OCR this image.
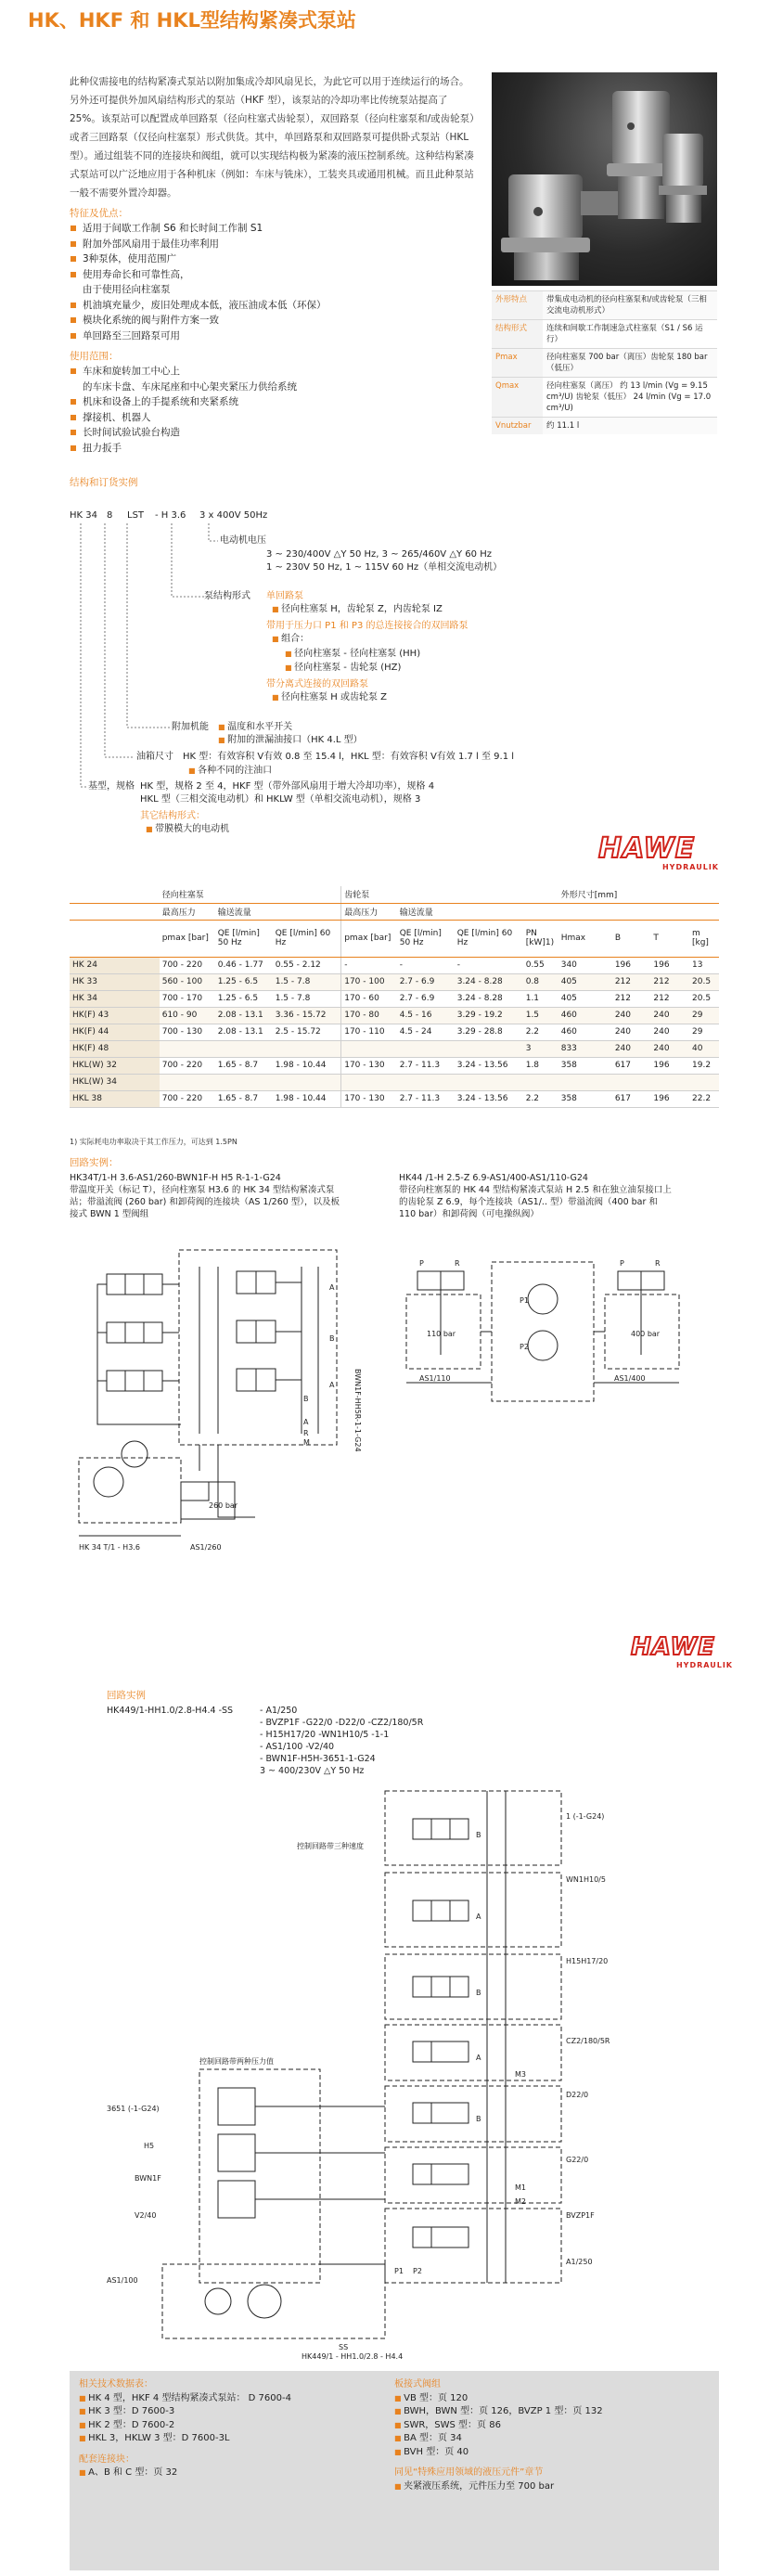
HK、HKF 和 HKL型结构紧凑式泵站

此种仪需接电的结构紧凑式泵站以附加集成冷却风扇见长，为此它可以用于连续运行的场合。另外还可提供外加风扇结构形式的泵站（HKF 型），该泵站的冷却功率比传统泵站提高了 25%。该泵站可以配置成单回路泵（径向柱塞式齿轮泵），双回路泵（径向柱塞泵和/或齿轮泵）或者三回路泵（仅径向柱塞泵）形式供货。其中，单回路泵和双回路泵可提供卧式泵站（HKL 型）。通过组装不同的连接块和阀组，就可以实现结构极为紧凑的液压控制系统。这种结构紧凑式泵站可以广泛地应用于各种机床（例如：车床与铣床），工装夹具或通用机械。而且此种泵站一般不需要外置冷却器。

特征及优点：
适用于间歇工作制 S6 和长时间工作制 S1
附加外部风扇用于最佳功率利用
3种泵体，使用范围广
使用寿命长和可靠性高，
由于使用径向柱塞泵
机油填充量少，废旧处理成本低，液压油成本低（环保）
模块化系统的阀与附件方案一致
单回路至三回路泵可用
使用范围：
车床和旋转加工中心上
的车床卡盘、车床尾座和中心架夹紧压力供给系统
机床和设备上的手提系统和夹紧系统
撑接机、机器人
长时间试验试验台构造
扭力扳手
外形特点	带集成电动机的径向柱塞泵和/或齿轮泵（三相交流电动机形式）
结构形式	连续和间歇工作制速急式柱塞泵（S1 / S6 运行）
Pmax	径向柱塞泵 700 bar（离压）齿轮泵 180 bar（低压）
Qmax	径向柱塞泵（离压） 约 13 l/min (Vg = 9.15 cm³/U) 齿轮泵（低压） 24 l/min (Vg = 17.0 cm³/U)
Vnutzbar	约 11.1 l
结构和订货实例
HK 34 8 LST - H 3.6 3 x 400V 50Hz
电动机电压
3 ~ 230/400V △Y 50 Hz, 3 ~ 265/460V △Y 60 Hz
1 ~ 230V 50 Hz, 1 ~ 115V 60 Hz（单相交流电动机）
泵结构形式 单回路泵
■ 径向柱塞泵 H，齿轮泵 Z，内齿轮泵 IZ
带用于压力口 P1 和 P3 的总连接接合的双回路泵
■ 组合：
■ 径向柱塞泵 - 径向柱塞泵 (HH)
■ 径向柱塞泵 - 齿轮泵 (HZ)
带分离式连接的双回路泵
■ 径向柱塞泵 H 或齿轮泵 Z
附加机能	■ 温度和水平开关
■ 附加的泄漏油接口（HK 4.L 型）
油箱尺寸 HK 型：有效容积 V有效 0.8 至 15.4 l，HKL 型：有效容积 V有效 1.7 l 至 9.1 l
■ 各种不同的注油口
基型，规格 HK 型，规格 2 至 4，HKF 型（带外部风扇用于增大冷却功率），规格 4
HKL 型（三相交流电动机）和 HKLW 型（单相交流电动机），规格 3
其它结构形式：
■ 带膜模大的电动机
HAWE
HYDRAULIK
	径向柱塞泵			齿轮泵				外形尺寸[mm]			
	最高压力	输送流量		最高压力	输送流量						
	pmax [bar]	QE [l/min] 50 Hz	QE [l/min] 60 Hz	pmax [bar]	QE [l/min] 50 Hz	QE [l/min] 60 Hz	PN [kW]1)	Hmax	B	T	m [kg]
HK 24	700 - 220	0.46 - 1.77	0.55 - 2.12	-	-	-	0.55	340	196	196	13
HK 33	560 - 100	1.25 - 6.5	1.5 - 7.8	170 - 100	2.7 - 6.9	3.24 - 8.28	0.8	405	212	212	20.5
HK 34	700 - 170	1.25 - 6.5	1.5 - 7.8	170 - 60	2.7 - 6.9	3.24 - 8.28	1.1	405	212	212	20.5
HK(F) 43	610 - 90	2.08 - 13.1	3.36 - 15.72	170 - 80	4.5 - 16	3.29 - 19.2	1.5	460	240	240	29
HK(F) 44	700 - 130	2.08 - 13.1	2.5 - 15.72	170 - 110	4.5 - 24	3.29 - 28.8	2.2	460	240	240	29
HK(F) 48							3	833	240	240	40
HKL(W) 32	700 - 220	1.65 - 8.7	1.98 - 10.44	170 - 130	2.7 - 11.3	3.24 - 13.56	1.8	358	617	196	19.2
HKL(W) 34											
HKL 38	700 - 220	1.65 - 8.7	1.98 - 10.44	170 - 130	2.7 - 11.3	3.24 - 13.56	2.2	358	617	196	22.2
1) 实际耗电功率取决于其工作压力，可达到 1.5PN
回路实例：
HK34T/1-H 3.6-AS1/260-BWN1F-H H5 R-1-1-G24
带温度开关（标记 T），径向柱塞泵 H3.6 的 HK 34 型结构紧凑式泵站；带溢流阀 (260 bar) 和卸荷阀的连接块（AS 1/260 型），以及板接式 BWN 1 型阀组
HK44 /1-H 2.5-Z 6.9-AS1/400-AS1/110-G24
带径向柱塞泵的 HK 44 型结构紧凑式泵站 H 2.5 和在独立油泵接口上的齿轮泵 Z 6.9，每个连接块（AS1/.. 型）带溢流阀（400 bar 和 110 bar）和卸荷阀（可电操纵阀）
A
B
A
B
A
R
M
260 bar
HK 34 T/1 - H3.6	AS1/260
BWN1F-HH5R-1-1-G24
110 bar	400 bar
P	R	P	R
P1
P2
AS1/110	AS1/400
HAWE
HYDRAULIK
回路实例
HK449/1-HH1.0/2.8-H4.4 -SS	- A1/250
- BVZP1F -G22/0 -D22/0 -CZ2/180/5R
- H15H17/20 -WN1H10/5 -1-1
- AS1/100 -V2/40
- BWN1F-H5H-3651-1-G24
3 ~ 400/230V △Y 50 Hz
1 (-1-G24)
WN1H10/5
H15H17/20
CZ2/180/5R
D22/0
G22/0
BVZP1F
A1/250
3651 (-1-G24)
H5
BWN1F
V2/40
AS1/100
控制回路带三种速度
控制回路带两种压力值
HK449/1 - HH1.0/2.8 - H4.4
B
A
B
A
B
M3
M1
M2
SS
P1 P2
相关技术数据表：
■ HK 4 型，HKF 4 型结构紧凑式泵站： D 7600-4
■ HK 3 型：D 7600-3
■ HK 2 型：D 7600-2
■ HKL 3，HKLW 3 型：D 7600-3L
配套连接块：
■ A、B 和 C 型：页 32
板接式阀组
■ VB 型：页 120
■ BWH，BWN 型：页 126，BVZP 1 型：页 132
■ SWR，SWS 型：页 86
■ BA 型：页 34
■ BVH 型：页 40
同见“特殊应用领域的液压元件”章节
■ 夹紧液压系统，元件压力至 700 bar
